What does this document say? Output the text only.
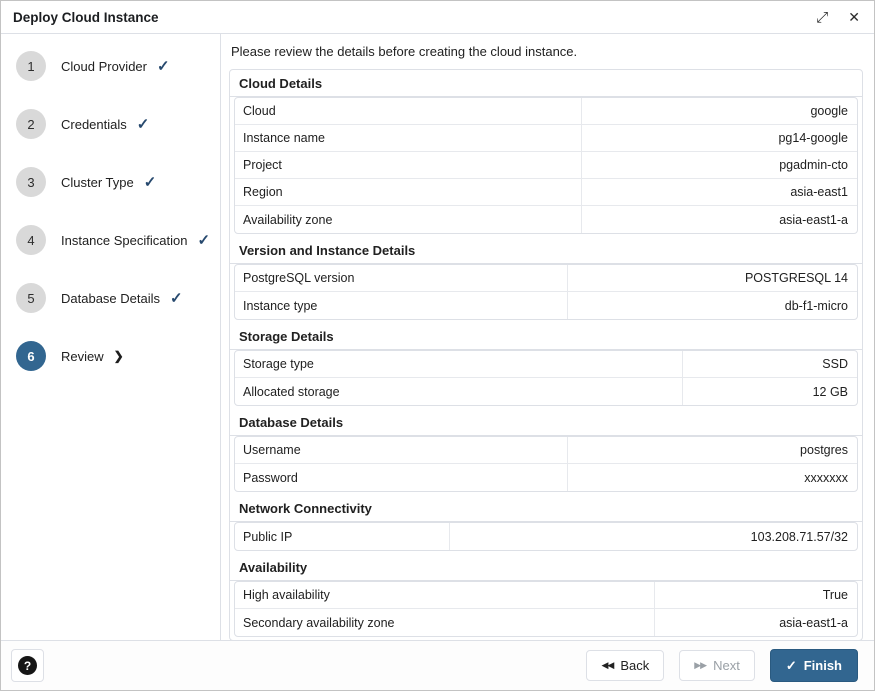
Deploy Cloud Instance	⤢ ✕
1	Cloud Provider ✓
2	Credentials ✓
3	Cluster Type ✓
4	Instance Specification ✓
5	Database Details ✓
6	Review ❯
Please review the details before creating the cloud instance.
Cloud Details
Cloud	google
Instance name	pg14-google
Project	pgadmin-cto
Region	asia-east1
Availability zone	asia-east1-a
Version and Instance Details
PostgreSQL version	POSTGRESQL 14
Instance type	db-f1-micro
Storage Details
Storage type	SSD
Allocated storage	12 GB
Database Details
Username	postgres
Password	xxxxxxx
Network Connectivity
Public IP	103.208.71.57/32
Availability
High availability	True
Secondary availability zone	asia-east1-a
?	◀◀ Back	▶▶ Next	✓ Finish
